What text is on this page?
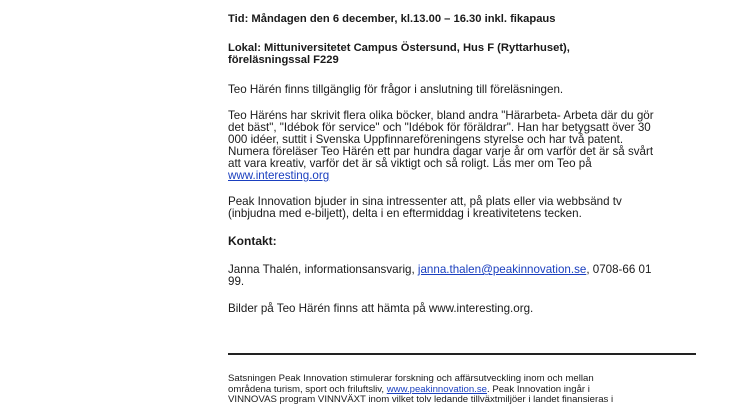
Tid: Måndagen den 6 december, kl.13.00 – 16.30 inkl. fikapaus

Lokal: Mittuniversitetet Campus Östersund, Hus F (Ryttarhuset),

föreläsningssal F229

Teo Härén finns tillgänglig för frågor i anslutning till föreläsningen.

Teo Häréns har skrivit flera olika böcker, bland andra "Härarbeta- Arbeta där du gör

det bäst", "Idébok för service" och "Idébok för föräldrar". Han har betygsatt över 30

000 idéer, suttit i Svenska Uppfinnareföreningens styrelse och har två patent.

Numera föreläser Teo Härén ett par hundra dagar varje år om varför det är så svårt

att vara kreativ, varför det är så viktigt och så roligt. Läs mer om Teo på

www.interesting.org

Peak Innovation bjuder in sina intressenter att, på plats eller via webbsänd tv

(inbjudna med e-biljett), delta i en eftermiddag i kreativitetens tecken.

Kontakt:

Janna Thalén, informationsansvarig, janna.thalen@peakinnovation.se, 0708-66 01

99.

Bilder på Teo Härén finns att hämta på www.interesting.org.

Satsningen Peak Innovation stimulerar forskning och affärsutveckling inom och mellan
områdena turism, sport och friluftsliv, www.peakinnovation.se. Peak Innovation ingår i
VINNOVAS program VINNVÄXT inom vilket tolv ledande tillväxtmiljöer i landet finansieras i
